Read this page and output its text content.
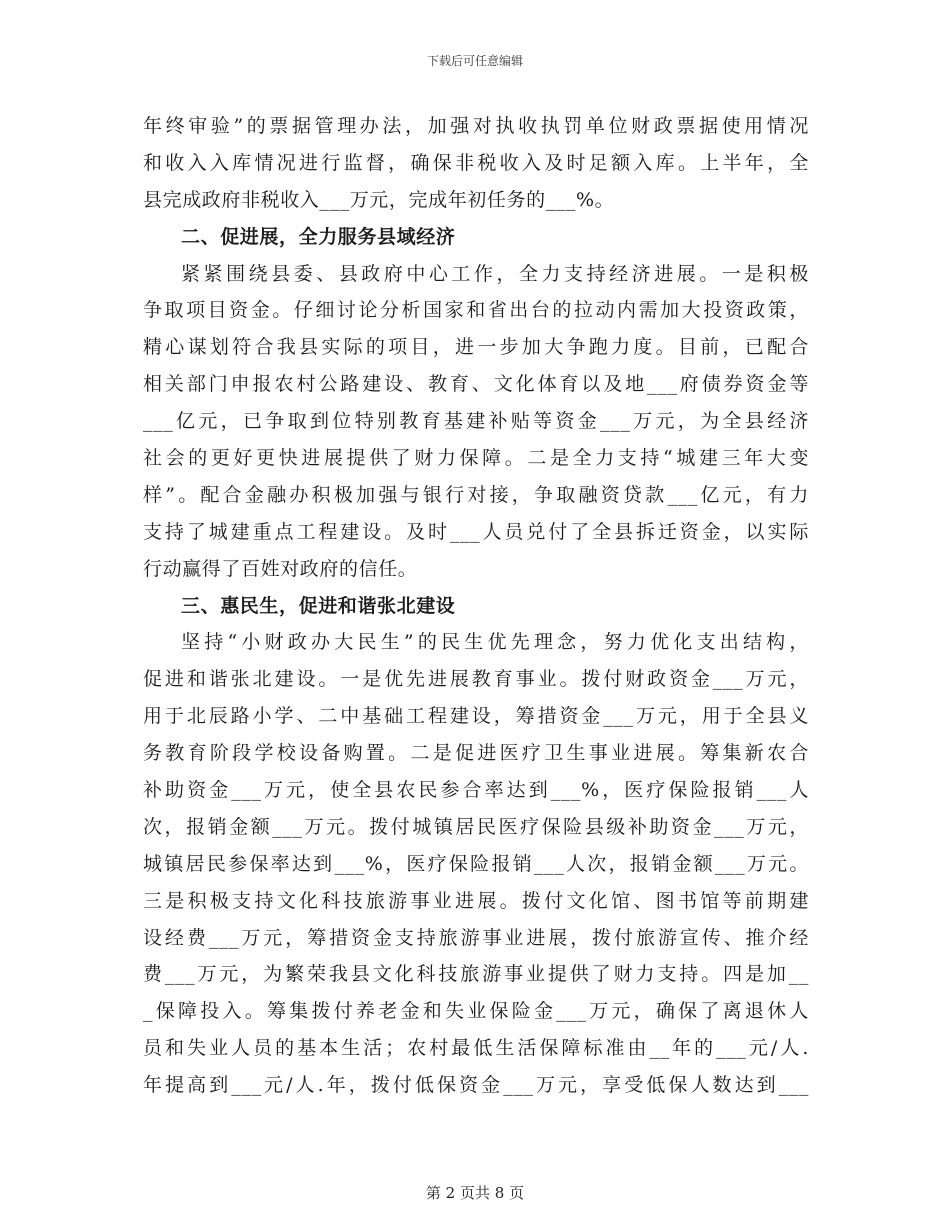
下载后可任意编辑
年终审验”的票据管理办法，加强对执收执罚单位财政票据使用情况
和收入入库情况进行监督，确保非税收入及时足额入库。上半年，全
县完成政府非税收入___万元，完成年初任务的___%。
二、促进展，全力服务县域经济
紧紧围绕县委、县政府中心工作，全力支持经济进展。一是积极
争取项目资金。仔细讨论分析国家和省出台的拉动内需加大投资政策，
精心谋划符合我县实际的项目，进一步加大争跑力度。目前，已配合
相关部门申报农村公路建设、教育、文化体育以及地___府债券资金等
___亿元，已争取到位特别教育基建补贴等资金___万元，为全县经济
社会的更好更快进展提供了财力保障。二是全力支持“城建三年大变
样”。配合金融办积极加强与银行对接，争取融资贷款___亿元，有力
支持了城建重点工程建设。及时___人员兑付了全县拆迁资金，以实际
行动赢得了百姓对政府的信任。
三、惠民生，促进和谐张北建设
坚持“小财政办大民生”的民生优先理念，努力优化支出结构，
促进和谐张北建设。一是优先进展教育事业。拨付财政资金___万元，
用于北辰路小学、二中基础工程建设，筹措资金___万元，用于全县义
务教育阶段学校设备购置。二是促进医疗卫生事业进展。筹集新农合
补助资金___万元，使全县农民参合率达到___%，医疗保险报销___人
次，报销金额___万元。拨付城镇居民医疗保险县级补助资金___万元，
城镇居民参保率达到___%，医疗保险报销___人次，报销金额___万元。
三是积极支持文化科技旅游事业进展。拨付文化馆、图书馆等前期建
设经费___万元，筹措资金支持旅游事业进展，拨付旅游宣传、推介经
费___万元，为繁荣我县文化科技旅游事业提供了财力支持。四是加__
_保障投入。筹集拨付养老金和失业保险金___万元，确保了离退休人
员和失业人员的基本生活；农村最低生活保障标准由__年的___元/人.
年提高到___元/人.年，拨付低保资金___万元，享受低保人数达到___
第 2 页共 8 页
